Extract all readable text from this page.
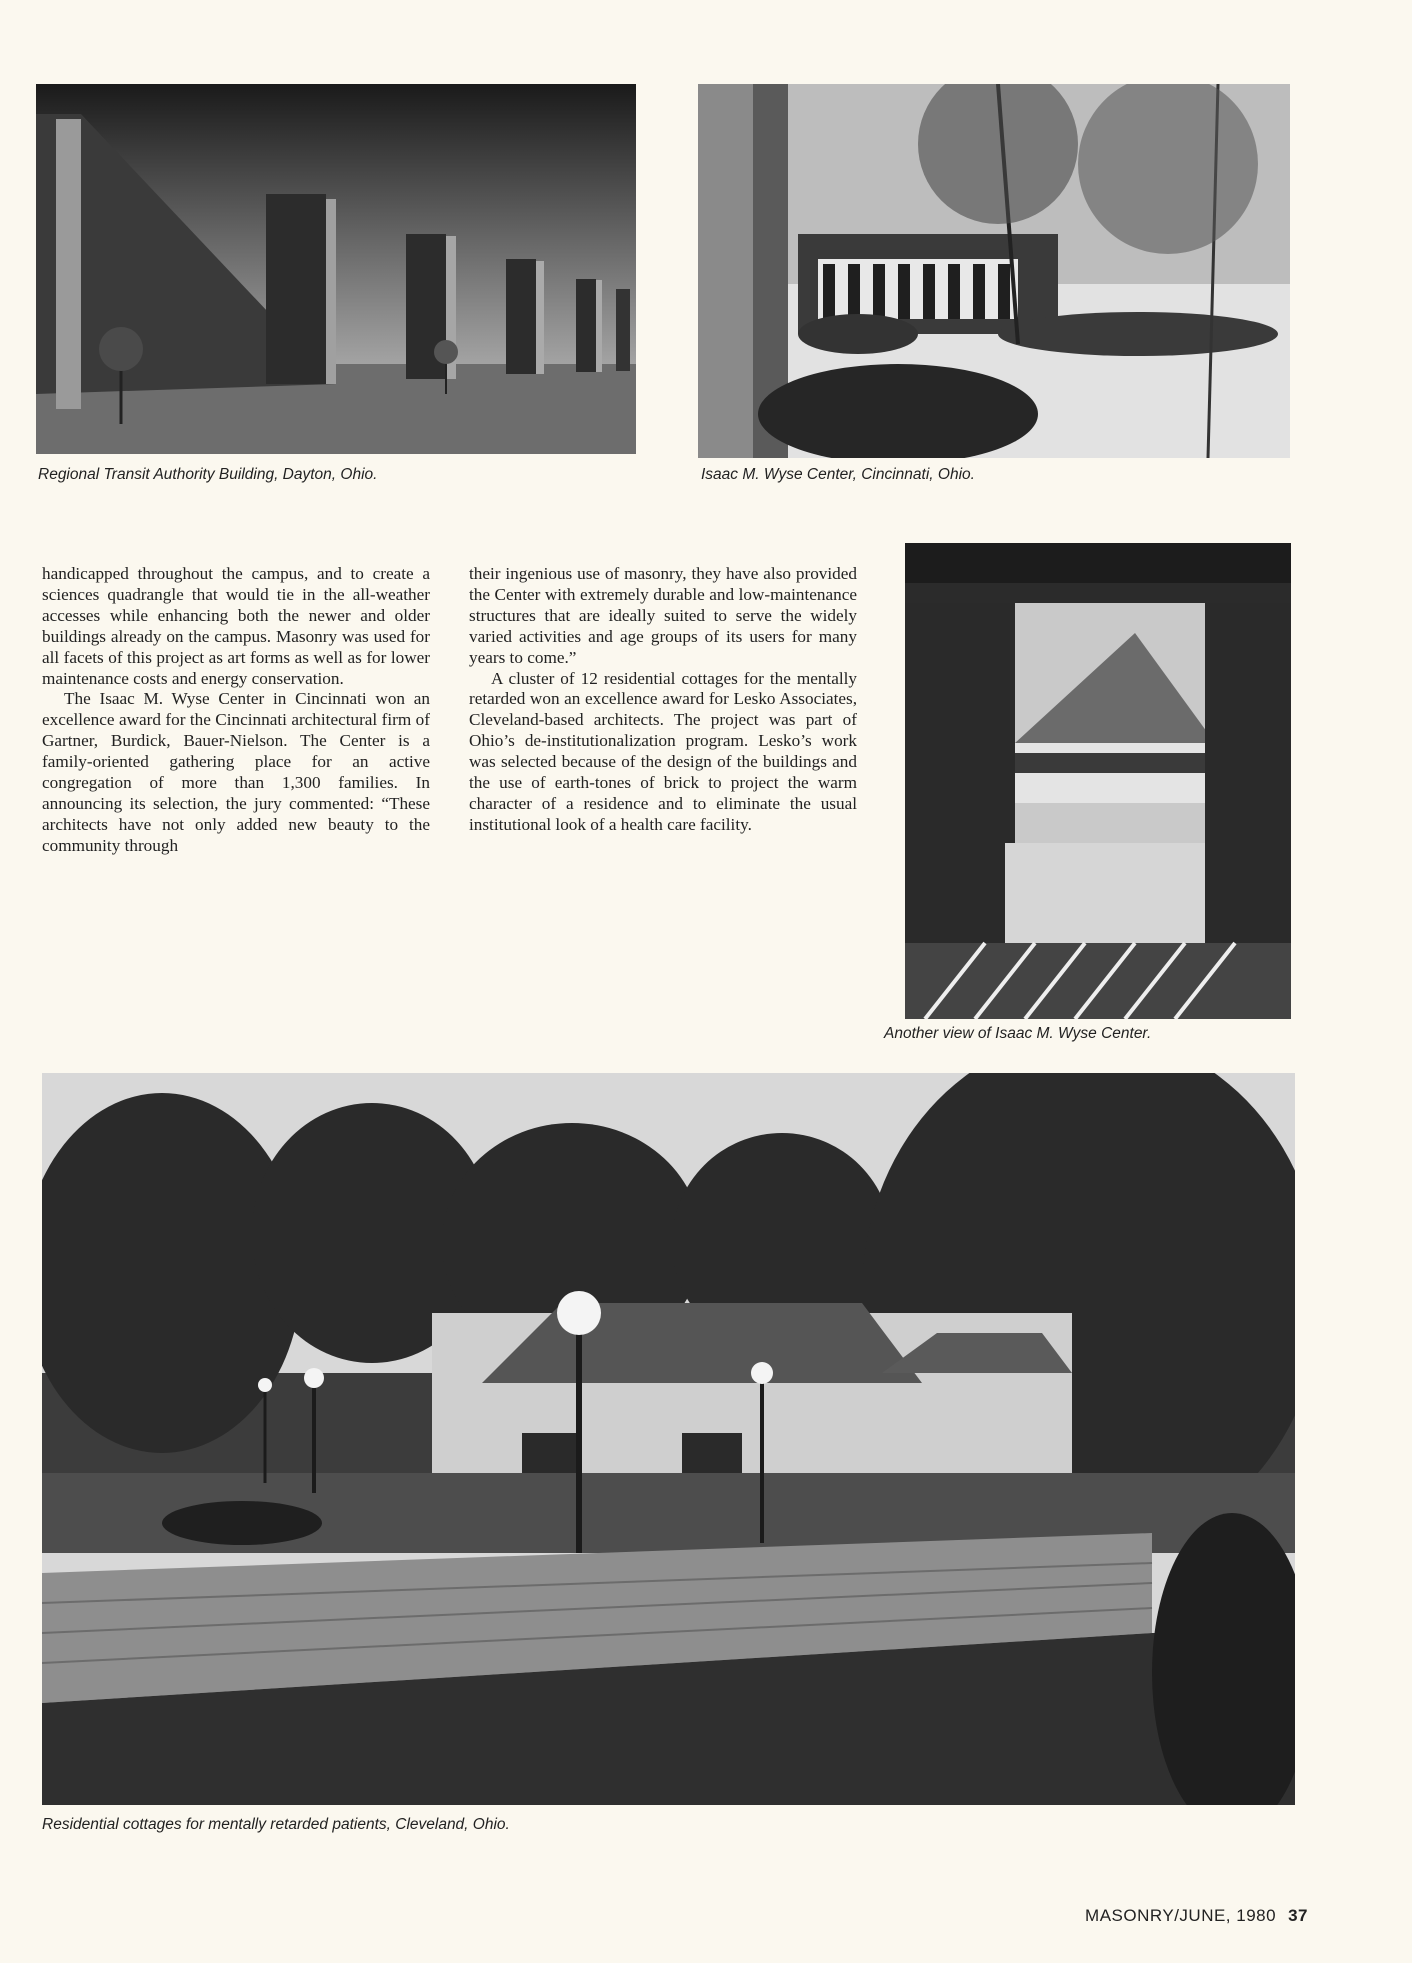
Regional Transit Authority Building, Dayton, Ohio.	Isaac M. Wyse Center, Cincinnati, Ohio.

handicapped throughout the campus, and to create a sciences quadrangle that would tie in the all-weather accesses while enhancing both the newer and older buildings already on the campus. Masonry was used for all facets of this project as art forms as well as for lower maintenance costs and energy conservation.

The Isaac M. Wyse Center in Cincinnati won an excellence award for the Cincinnati architectural firm of Gartner, Burdick, Bauer-Nielson. The Center is a family-oriented gathering place for an active congregation of more than 1,300 families. In announcing its selection, the jury commented: “These architects have not only added new beauty to the community through

their ingenious use of masonry, they have also provided the Center with extremely durable and low-maintenance structures that are ideally suited to serve the widely varied activities and age groups of its users for many years to come.”

A cluster of 12 residential cottages for the mentally retarded won an excellence award for Lesko Associates, Cleveland-based architects. The project was part of Ohio’s de-institutionalization program. Lesko’s work was selected because of the design of the buildings and the use of earth-tones of brick to project the warm character of a residence and to eliminate the usual institutional look of a health care facility.

Another view of Isaac M. Wyse Center.
Residential cottages for mentally retarded patients, Cleveland, Ohio.
MASONRY/JUNE, 1980 37
